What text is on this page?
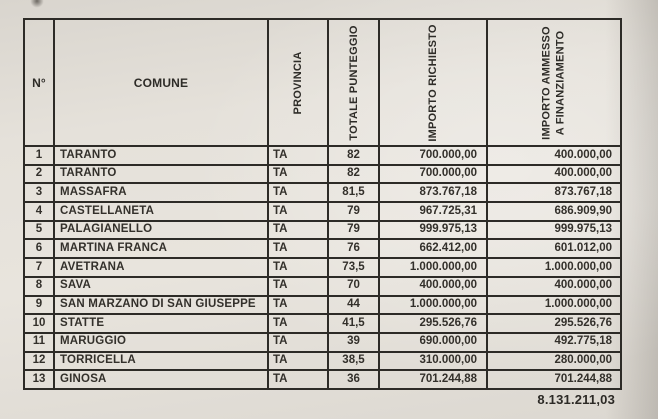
N°	COMUNE	PROVINCIA	TOTALE PUNTEGGIO	IMPORTO RICHIESTO	IMPORTO AMMESSO A FINANZIAMENTO

1	TARANTO	TA	82	700.000,00	400.000,00
2	TARANTO	TA	82	700.000,00	400.000,00
3	MASSAFRA	TA	81,5	873.767,18	873.767,18
4	CASTELLANETA	TA	79	967.725,31	686.909,90
5	PALAGIANELLO	TA	79	999.975,13	999.975,13
6	MARTINA FRANCA	TA	76	662.412,00	601.012,00
7	AVETRANA	TA	73,5	1.000.000,00	1.000.000,00
8	SAVA	TA	70	400.000,00	400.000,00
9	SAN MARZANO DI SAN GIUSEPPE	TA	44	1.000.000,00	1.000.000,00
10	STATTE	TA	41,5	295.526,76	295.526,76
11	MARUGGIO	TA	39	690.000,00	492.775,18
12	TORRICELLA	TA	38,5	310.000,00	280.000,00
13	GINOSA	TA	36	701.244,88	701.244,88
8.131.211,03
